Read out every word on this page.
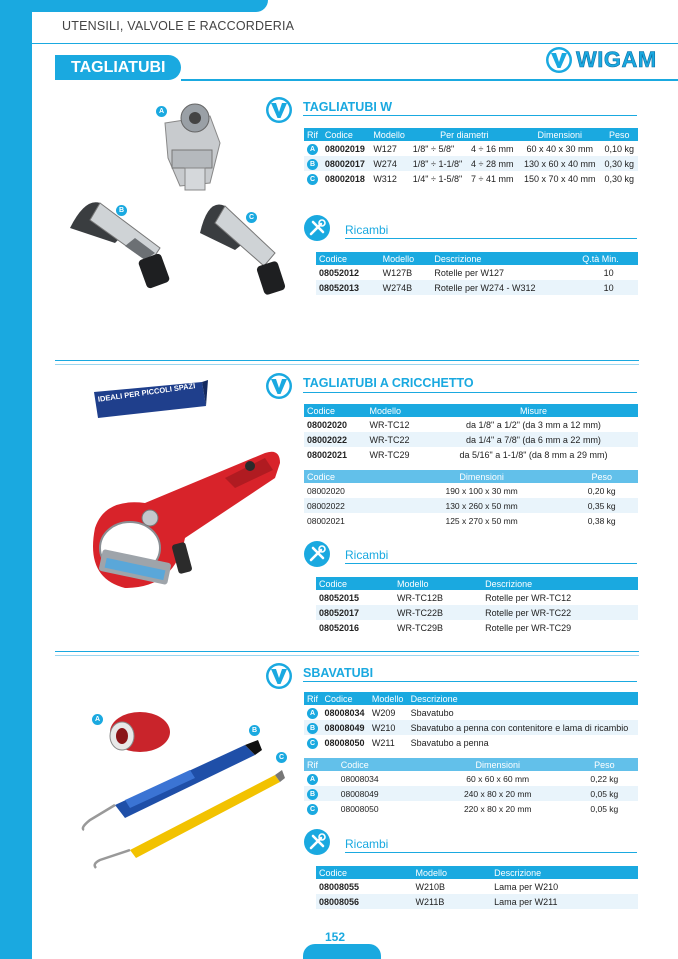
UTENSILI, VALVOLE E RACCORDERIA
TAGLIATUBI	WIGAM
A
B
C
TAGLIATUBI W
Rif	Codice	Modello	Per diametri		Dimensioni	Peso
A	08002019	W127	1/8" ÷ 5/8"	4 ÷ 16 mm	60 x 40 x 30 mm	0,10 kg
B	08002017	W274	1/8" ÷ 1-1/8"	4 ÷ 28 mm	130 x 60 x 40 mm	0,30 kg
C	08002018	W312	1/4" ÷ 1-5/8"	7 ÷ 41 mm	150 x 70 x 40 mm	0,30 kg
Ricambi
Codice	Modello	Descrizione	Q.tà Min.
08052012	W127B	Rotelle per W127	10
08052013	W274B	Rotelle per W274 - W312	10
IDEALI PER PICCOLI SPAZI	TAGLIATUBI A CRICCHETTO
Codice	Modello	Misure
08002020	WR-TC12	da 1/8" a 1/2" (da 3 mm a 12 mm)
08002022	WR-TC22	da 1/4" a 7/8" (da 6 mm a 22 mm)
08002021	WR-TC29	da 5/16" a 1-1/8" (da 8 mm a 29 mm)
Codice	Dimensioni	Peso
08002020	190 x 100 x 30 mm	0,20 kg
08002022	130 x 260 x 50 mm	0,35 kg
08002021	125 x 270 x 50 mm	0,38 kg
Ricambi
Codice	Modello	Descrizione
08052015	WR-TC12B	Rotelle per WR-TC12
08052017	WR-TC22B	Rotelle per WR-TC22
08052016	WR-TC29B	Rotelle per WR-TC29
A
B
C
SBAVATUBI
Rif	Codice	Modello	Descrizione
A	08008034	W209	Sbavatubo
B	08008049	W210	Sbavatubo a penna con contenitore e lama di ricambio
C	08008050	W211	Sbavatubo a penna
Rif	Codice	Dimensioni	Peso
A	08008034	60 x 60 x 60 mm	0,22 kg
B	08008049	240 x 80 x 20 mm	0,05 kg
C	08008050	220 x 80 x 20 mm	0,05 kg
Ricambi
Codice	Modello	Descrizione
08008055	W210B	Lama per W210
08008056	W211B	Lama per W211
152
